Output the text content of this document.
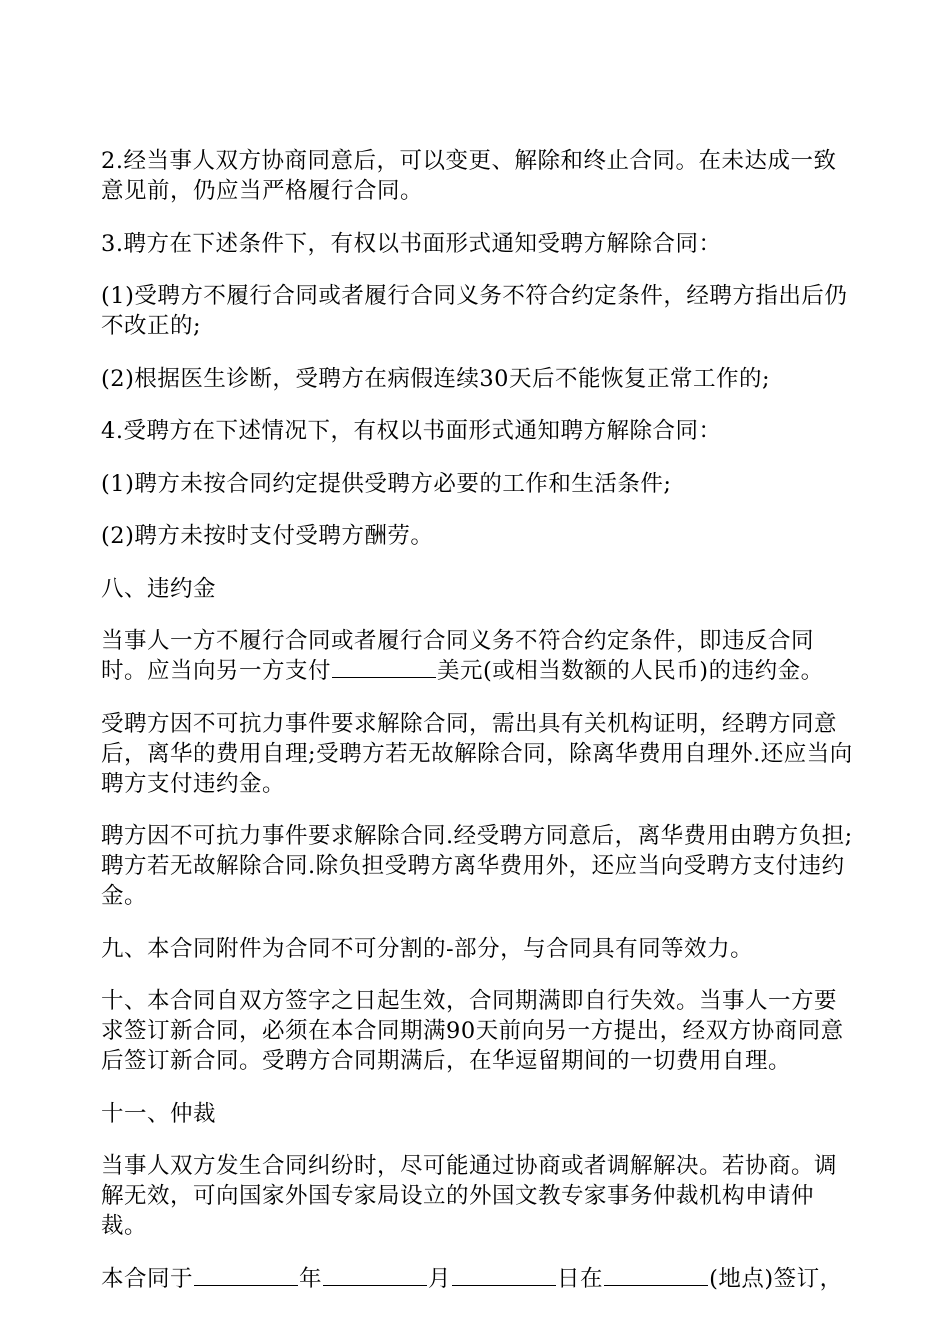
2.经当事人双方协商同意后，可以变更、解除和终止合同。在未达成一致意见前，仍应当严格履行合同。

3.聘方在下述条件下，有权以书面形式通知受聘方解除合同：

(1)受聘方不履行合同或者履行合同义务不符合约定条件，经聘方指出后仍不改正的;

(2)根据医生诊断，受聘方在病假连续30天后不能恢复正常工作的;

4.受聘方在下述情况下，有权以书面形式通知聘方解除合同：

(1)聘方未按合同约定提供受聘方必要的工作和生活条件;

(2)聘方未按时支付受聘方酬劳。

八、违约金

当事人一方不履行合同或者履行合同义务不符合约定条件，即违反合同时。应当向另一方支付	美元(或相当数额的人民币)的违约金。

受聘方因不可抗力事件要求解除合同，需出具有关机构证明，经聘方同意后，离华的费用自理;受聘方若无故解除合同，除离华费用自理外.还应当向聘方支付违约金。

聘方因不可抗力事件要求解除合同.经受聘方同意后，离华费用由聘方负担;聘方若无故解除合同.除负担受聘方离华费用外，还应当向受聘方支付违约金。

九、本合同附件为合同不可分割的-部分，与合同具有同等效力。

十、本合同自双方签字之日起生效，合同期满即自行失效。当事人一方要求签订新合同，必须在本合同期满90天前向另一方提出，经双方协商同意后签订新合同。受聘方合同期满后，在华逗留期间的一切费用自理。

十一、仲裁

当事人双方发生合同纠纷时，尽可能通过协商或者调解解决。若协商。调解无效，可向国家外国专家局设立的外国文教专家事务仲裁机构申请仲裁。

本合同于	年	月	日在	(地点)签订，
